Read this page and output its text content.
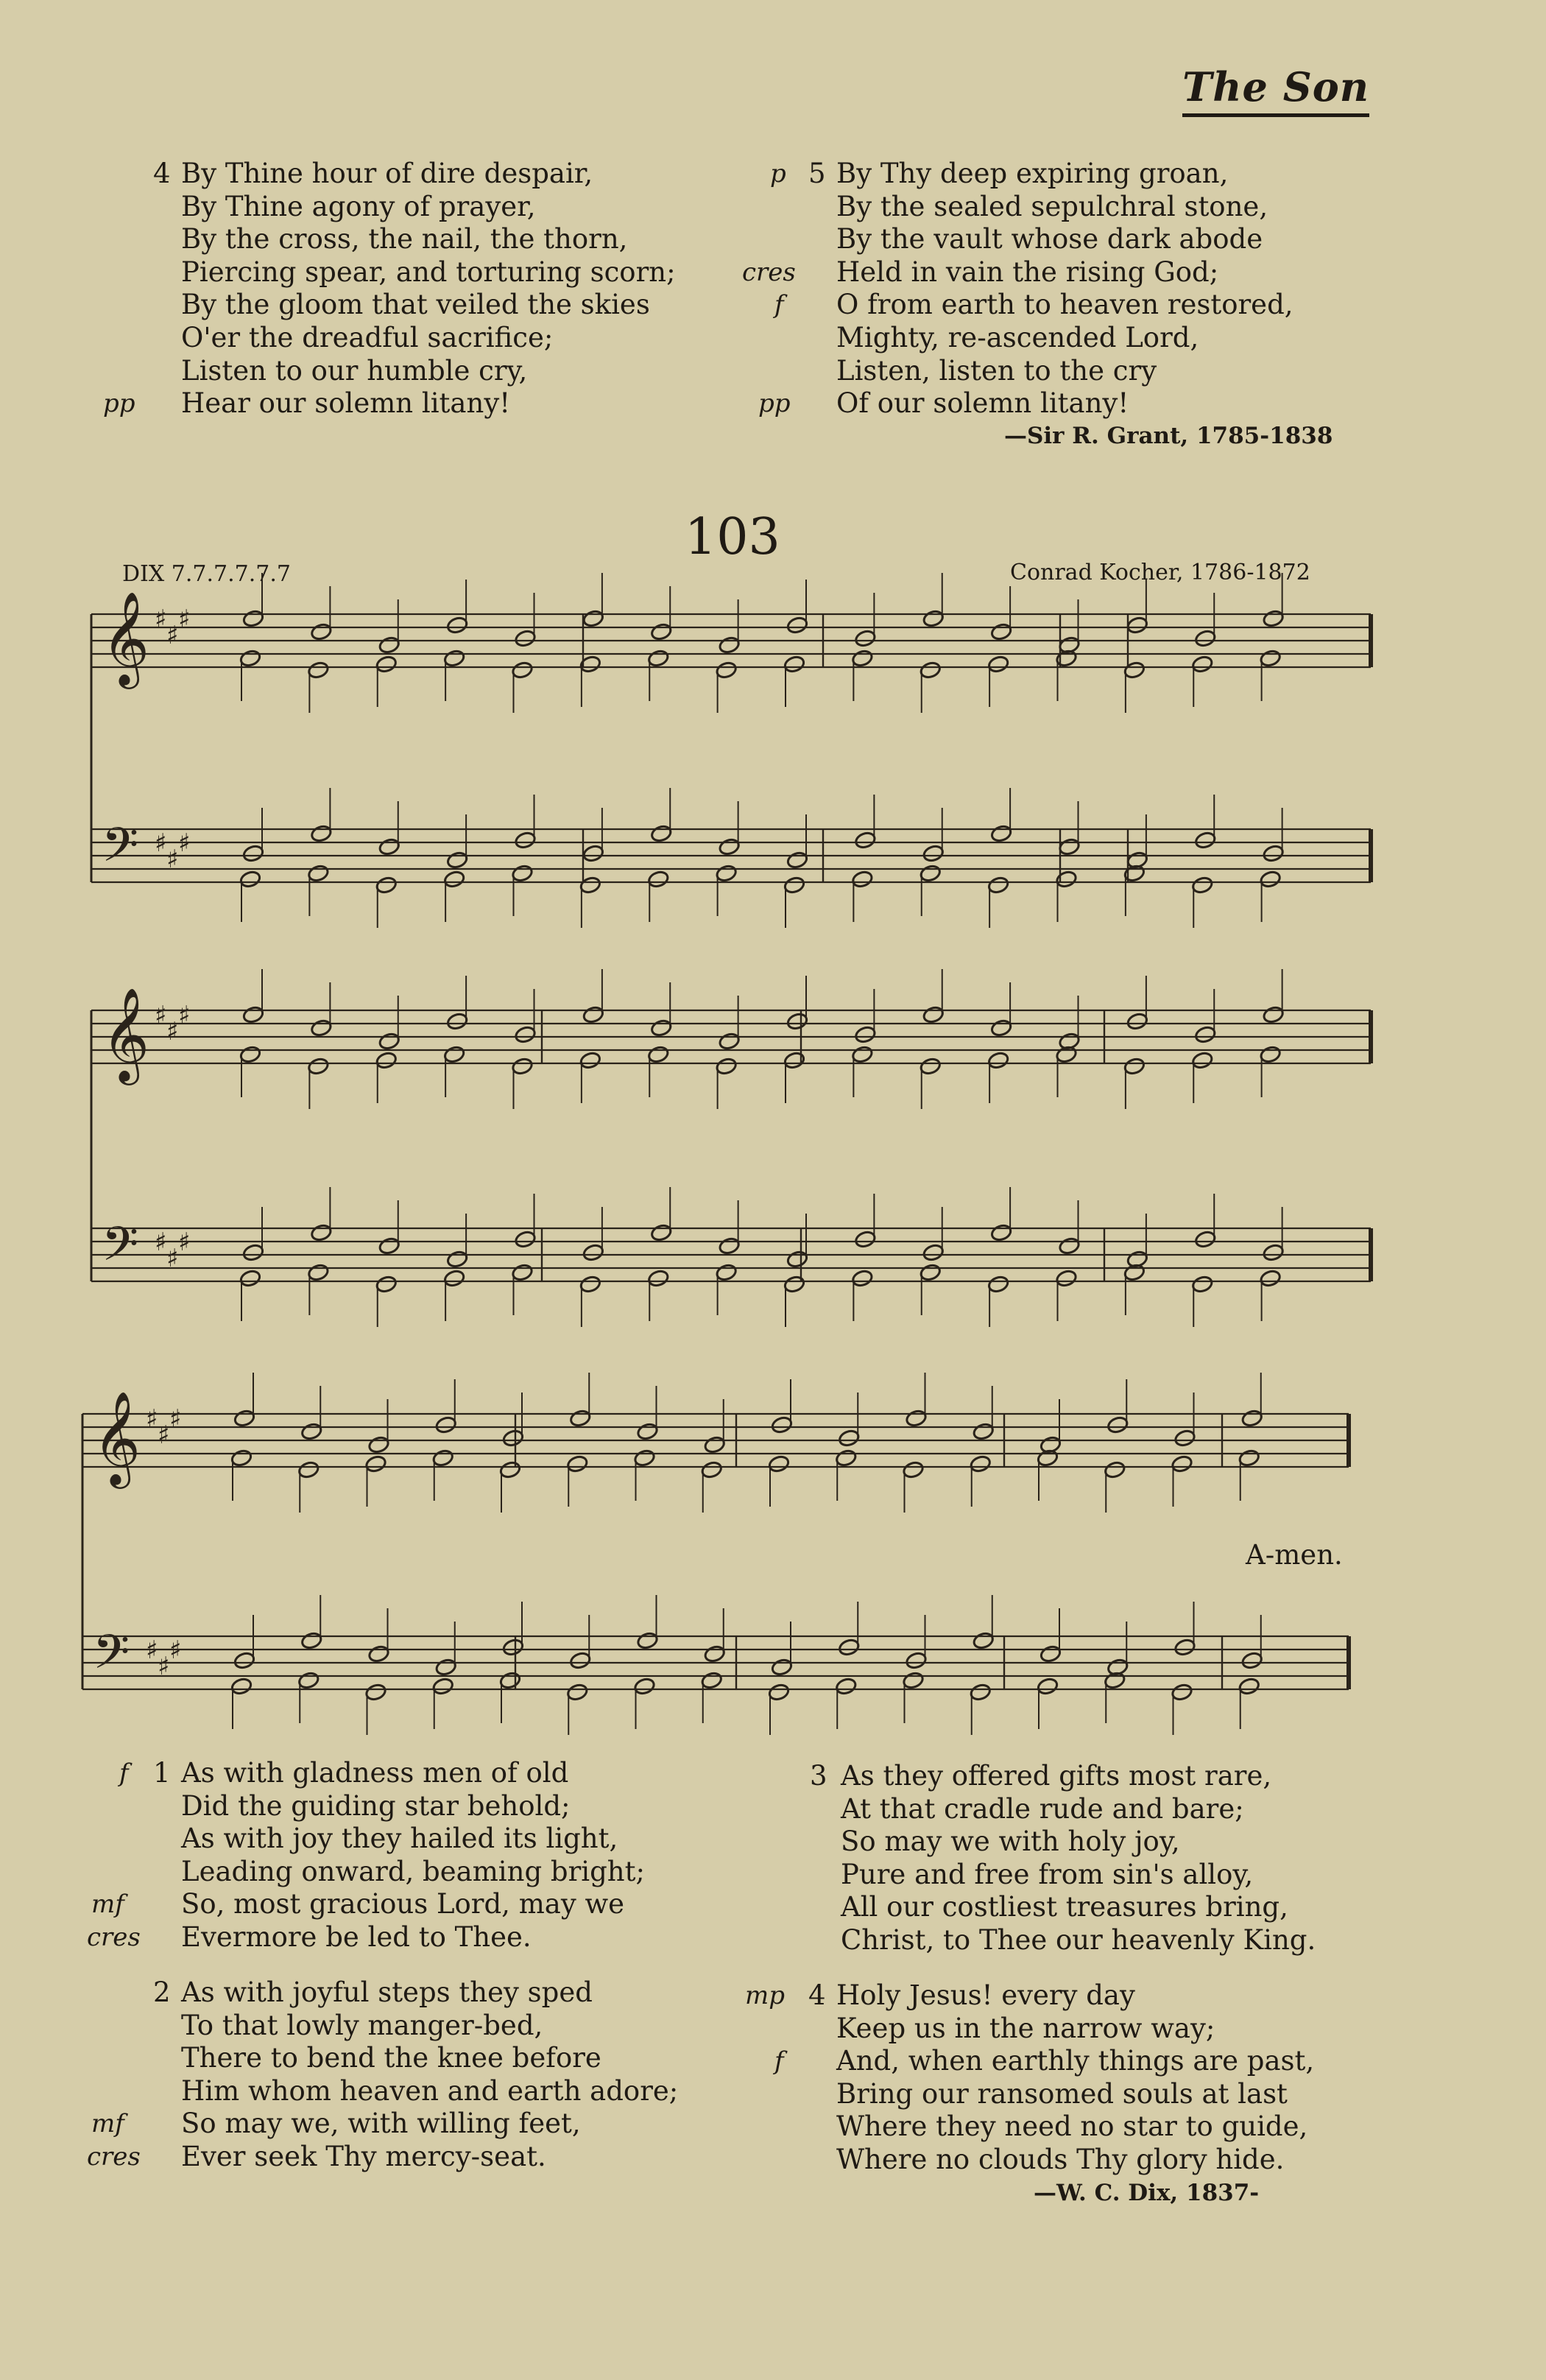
The Son
4 By Thine hour of dire despair,
By Thine agony of prayer,
By the cross, the nail, the thorn,
Piercing spear, and torturing scorn;
By the gloom that veiled the skies
O'er the dreadful sacrifice;
Listen to our humble cry,
pp Hear our solemn litany!
5
p By Thy deep expiring groan,
By the sealed sepulchral stone,
By the vault whose dark abode
cres Held in vain the rising God;
f O from earth to heaven restored,
Mighty, re-ascended Lord,
Listen, listen to the cry
pp Of our solemn litany!
—Sir R. Grant, 1785-1838
103
DIX 7.7.7.7.7.7	Conrad Kocher, 1786-1872
𝄞 ♯
♯
♯
𝄢 ♯
♯
♯
𝄞 ♯
♯
♯
𝄢 ♯
♯
♯
𝄞 ♯
♯
♯
𝄢 ♯
♯
♯
A-men.
1
f As with gladness men of old
Did the guiding star behold;
As with joy they hailed its light,
Leading onward, beaming bright;
mf So, most gracious Lord, may we
cres Evermore be led to Thee.
2 As with joyful steps they sped
To that lowly manger-bed,
There to bend the knee before
Him whom heaven and earth adore;
mf So may we, with willing feet,
cres Ever seek Thy mercy-seat.
3 As they offered gifts most rare,
At that cradle rude and bare;
So may we with holy joy,
Pure and free from sin's alloy,
All our costliest treasures bring,
Christ, to Thee our heavenly King.
4
mp Holy Jesus! every day
Keep us in the narrow way;
f And, when earthly things are past,
Bring our ransomed souls at last
Where they need no star to guide,
Where no clouds Thy glory hide.
—W. C. Dix, 1837-
